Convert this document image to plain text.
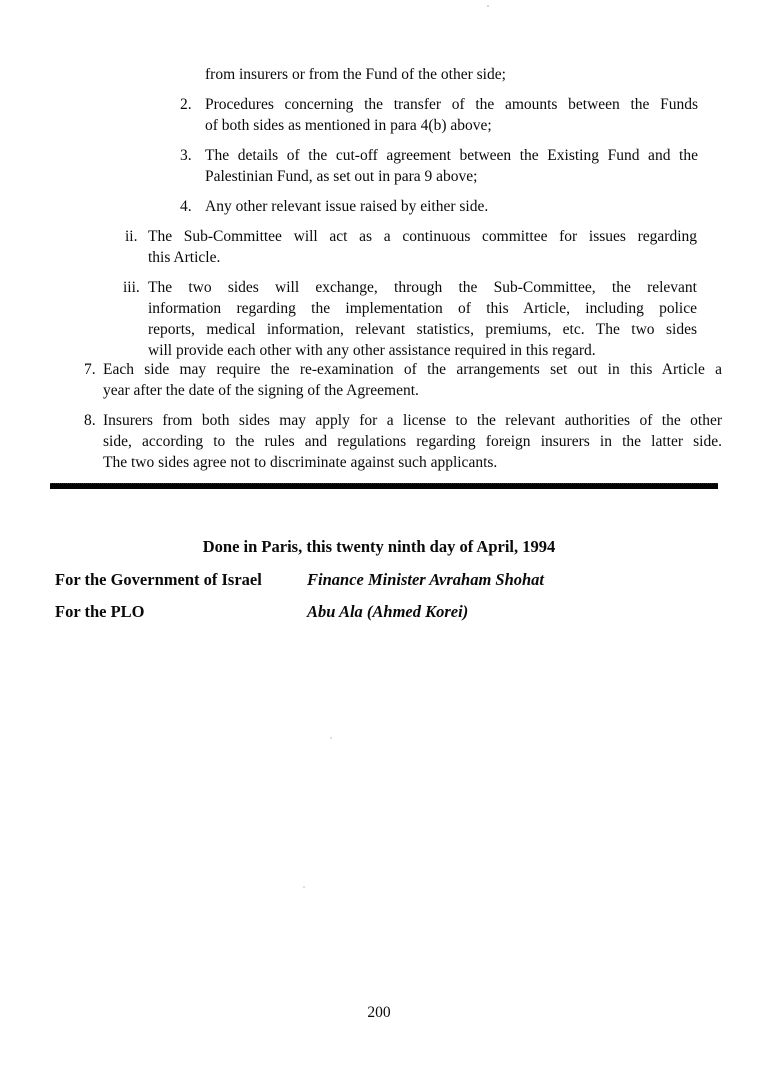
from insurers or from the Fund of the other side;
2. Procedures concerning the transfer of the amounts between the Funds
of both sides as mentioned in para 4(b) above;
3. The details of the cut-off agreement between the Existing Fund and the
Palestinian Fund, as set out in para 9 above;
4. Any other relevant issue raised by either side.
ii. The Sub-Committee will act as a continuous committee for issues regarding
this Article.
iii. The two sides will exchange, through the Sub-Committee, the relevant
information regarding the implementation of this Article, including police
reports, medical information, relevant statistics, premiums, etc. The two sides
will provide each other with any other assistance required in this regard.
7. Each side may require the re-examination of the arrangements set out in this Article a
year after the date of the signing of the Agreement.
8. Insurers from both sides may apply for a license to the relevant authorities of the other
side, according to the rules and regulations regarding foreign insurers in the latter side.
The two sides agree not to discriminate against such applicants.
Done in Paris, this twenty ninth day of April, 1994
For the Government of Israel	Finance Minister Avraham Shohat
For the PLO	Abu Ala (Ahmed Korei)
200
